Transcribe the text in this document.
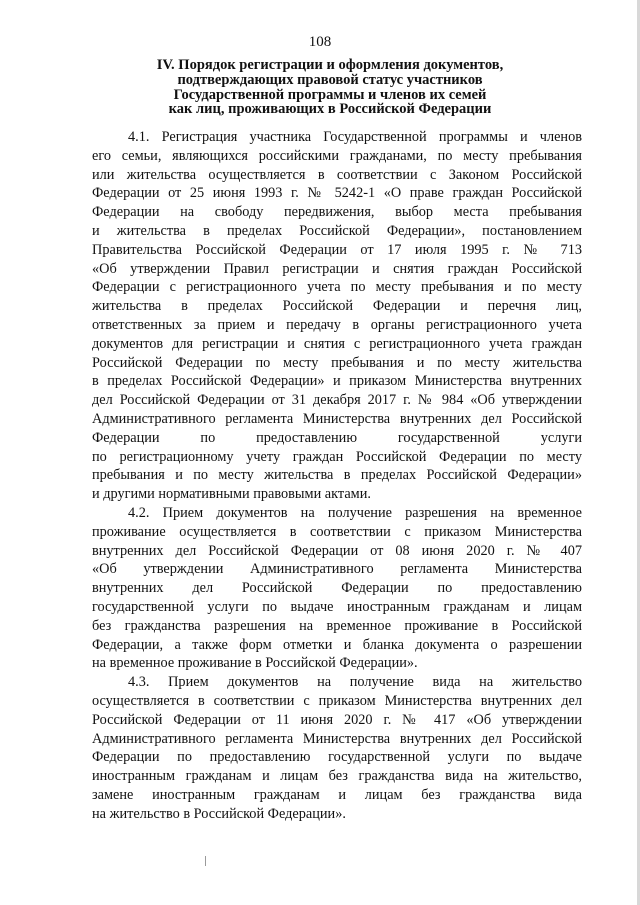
108
IV. Порядок регистрации и оформления документов,
подтверждающих правовой статус участников
Государственной программы и членов их семей
как лиц, проживающих в Российской Федерации
4.1. Регистрация участника Государственной программы и членов
его семьи, являющихся российскими гражданами, по месту пребывания
или жительства осуществляется в соответствии с Законом Российской
Федерации от 25 июня 1993 г. № 5242-1 «О праве граждан Российской
Федерации на свободу передвижения, выбор места пребывания
и жительства в пределах Российской Федерации», постановлением
Правительства Российской Федерации от 17 июля 1995 г. № 713
«Об утверждении Правил регистрации и снятия граждан Российской
Федерации с регистрационного учета по месту пребывания и по месту
жительства в пределах Российской Федерации и перечня лиц,
ответственных за прием и передачу в органы регистрационного учета
документов для регистрации и снятия с регистрационного учета граждан
Российской Федерации по месту пребывания и по месту жительства
в пределах Российской Федерации» и приказом Министерства внутренних
дел Российской Федерации от 31 декабря 2017 г. № 984 «Об утверждении
Административного регламента Министерства внутренних дел Российской
Федерации по предоставлению государственной услуги
по регистрационному учету граждан Российской Федерации по месту
пребывания и по месту жительства в пределах Российской Федерации»
и другими нормативными правовыми актами.
4.2. Прием документов на получение разрешения на временное
проживание осуществляется в соответствии с приказом Министерства
внутренних дел Российской Федерации от 08 июня 2020 г. № 407
«Об утверждении Административного регламента Министерства
внутренних дел Российской Федерации по предоставлению
государственной услуги по выдаче иностранным гражданам и лицам
без гражданства разрешения на временное проживание в Российской
Федерации, а также форм отметки и бланка документа о разрешении
на временное проживание в Российской Федерации».
4.3. Прием документов на получение вида на жительство
осуществляется в соответствии с приказом Министерства внутренних дел
Российской Федерации от 11 июня 2020 г. № 417 «Об утверждении
Административного регламента Министерства внутренних дел Российской
Федерации по предоставлению государственной услуги по выдаче
иностранным гражданам и лицам без гражданства вида на жительство,
замене иностранным гражданам и лицам без гражданства вида
на жительство в Российской Федерации».
